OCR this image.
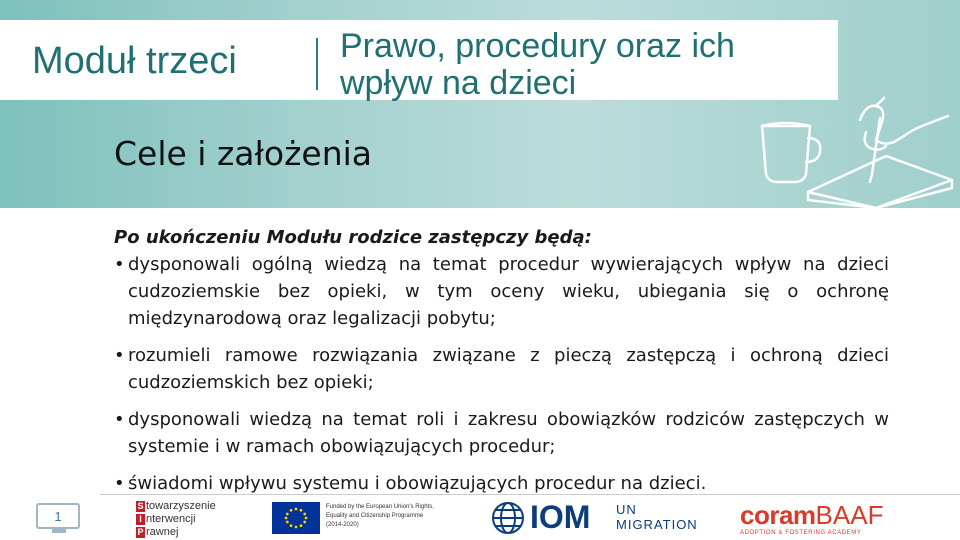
Moduł trzeci	Prawo, procedury oraz ich wpływ na dzieci
Cele i założenia
Po ukończeniu Modułu rodzice zastępczy będą:
• dysponowali ogólną wiedzą na temat procedur wywierających wpływ na dzieci cudzoziemskie bez opieki, w tym oceny wieku, ubiegania się o ochronę międzynarodową oraz legalizacji pobytu;
• rozumieli ramowe rozwiązania związane z pieczą zastępczą i ochroną dzieci cudzoziemskich bez opieki;
• dysponowali wiedzą na temat roli i zakresu obowiązków rodziców zastępczych w systemie i w ramach obowiązujących procedur;
• świadomi wpływu systemu i obowiązujących procedur na dzieci.
1
S towarzyszenie
I nterwencji
P rawnej
Funded by the European Union's Rights, Equality and Citizenship Programme (2014-2020)	IOM UN
MIGRATION coramBAAF
ADOPTION & FOSTERING ACADEMY
